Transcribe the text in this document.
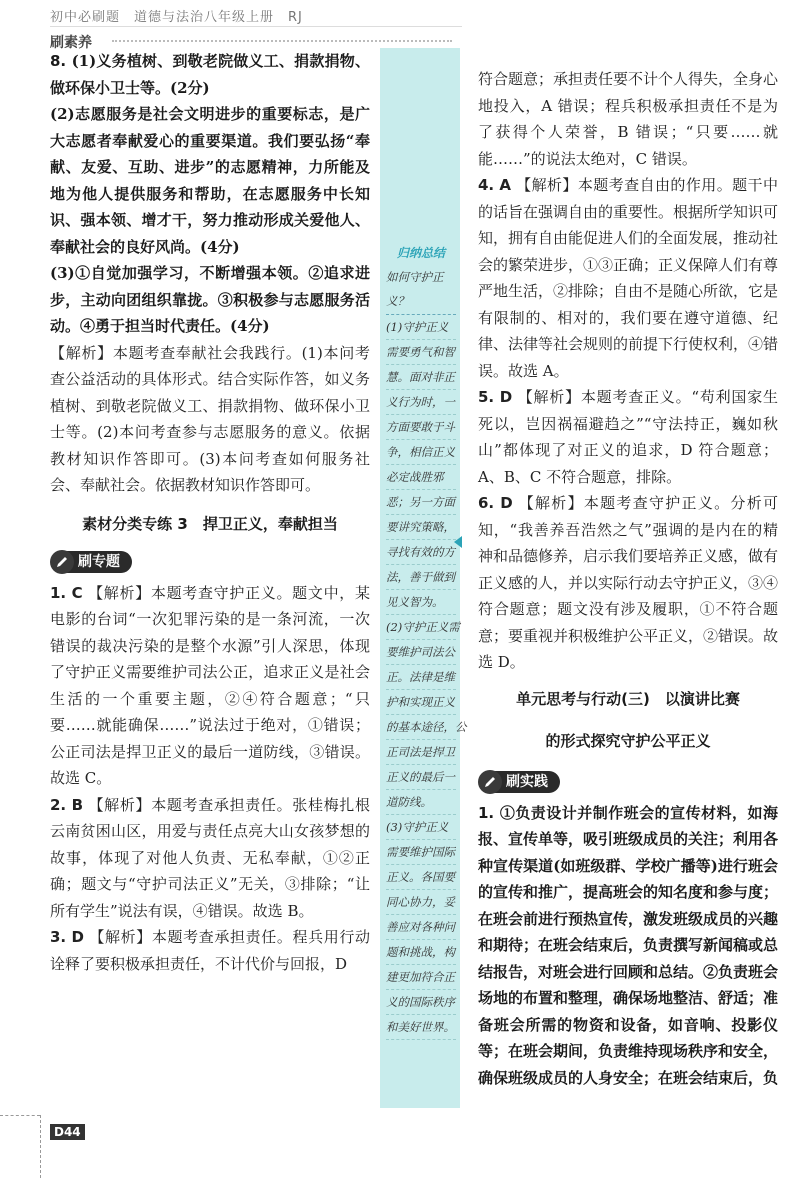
初中必刷题　道德与法治八年级上册　RJ
刷素养

8. (1)义务植树、到敬老院做义工、捐款捐物、做环保小卫士等。(2分)

(2)志愿服务是社会文明进步的重要标志，是广大志愿者奉献爱心的重要渠道。我们要弘扬“奉献、友爱、互助、进步”的志愿精神，力所能及地为他人提供服务和帮助，在志愿服务中长知识、强本领、增才干，努力推动形成关爱他人、奉献社会的良好风尚。(4分)

(3)①自觉加强学习，不断增强本领。②追求进步，主动向团组织靠拢。③积极参与志愿服务活动。④勇于担当时代责任。(4分)

【解析】本题考查奉献社会我践行。(1)本问考查公益活动的具体形式。结合实际作答，如义务植树、到敬老院做义工、捐款捐物、做环保小卫士等。(2)本问考查参与志愿服务的意义。依据教材知识作答即可。(3)本问考查如何服务社会、奉献社会。依据教材知识作答即可。

素材分类专练 3　捍卫正义，奉献担当
刷专题

1. C 【解析】本题考查守护正义。题文中，某电影的台词“一次犯罪污染的是一条河流，一次错误的裁决污染的是整个水源”引人深思，体现了守护正义需要维护司法公正，追求正义是社会生活的一个重要主题，②④符合题意；“只要……就能确保……”说法过于绝对，①错误；公正司法是捍卫正义的最后一道防线，③错误。故选 C。

2. B 【解析】本题考查承担责任。张桂梅扎根云南贫困山区，用爱与责任点亮大山女孩梦想的故事，体现了对他人负责、无私奉献，①②正确；题文与“守护司法正义”无关，③排除；“让所有学生”说法有误，④错误。故选 B。

3. D 【解析】本题考查承担责任。程兵用行动诠释了要积极承担责任，不计代价与回报，D

归纳总结
如何守护正义？
(1)守护正义
需要勇气和智
慧。面对非正
义行为时，一
方面要敢于斗
争，相信正义
必定战胜邪
恶；另一方面
要讲究策略，
寻找有效的方
法，善于做到
见义智为。
(2)守护正义需
要维护司法公
正。法律是维
护和实现正义
的基本途径，公
正司法是捍卫
正义的最后一
道防线。
(3)守护正义
需要维护国际
正义。各国要
同心协力，妥
善应对各种问
题和挑战，构
建更加符合正
义的国际秩序
和美好世界。

符合题意；承担责任要不计个人得失，全身心地投入，A 错误；程兵积极承担责任不是为了获得个人荣誉，B 错误；“只要……就能……”的说法太绝对，C 错误。

4. A 【解析】本题考查自由的作用。题干中的话旨在强调自由的重要性。根据所学知识可知，拥有自由能促进人们的全面发展，推动社会的繁荣进步，①③正确；正义保障人们有尊严地生活，②排除；自由不是随心所欲，它是有限制的、相对的，我们要在遵守道德、纪律、法律等社会规则的前提下行使权利，④错误。故选 A。

5. D 【解析】本题考查正义。“苟利国家生死以，岂因祸福避趋之”“守法持正，巍如秋山”都体现了对正义的追求，D 符合题意；A、B、C 不符合题意，排除。

6. D 【解析】本题考查守护正义。分析可知，“我善养吾浩然之气”强调的是内在的精神和品德修养，启示我们要培养正义感，做有正义感的人，并以实际行动去守护正义，③④符合题意；题文没有涉及履职，①不符合题意；要重视并积极维护公平正义，②错误。故选 D。

单元思考与行动(三)　以演讲比赛
的形式探究守护公平正义
刷实践

1. ①负责设计并制作班会的宣传材料，如海报、宣传单等，吸引班级成员的关注；利用各种宣传渠道(如班级群、学校广播等)进行班会的宣传和推广，提高班会的知名度和参与度；在班会前进行预热宣传，激发班级成员的兴趣和期待；在班会结束后，负责撰写新闻稿或总结报告，对班会进行回顾和总结。②负责班会场地的布置和整理，确保场地整洁、舒适；准备班会所需的物资和设备，如音响、投影仪等；在班会期间，负责维持现场秩序和安全，确保班级成员的人身安全；在班会结束后，负

D44
